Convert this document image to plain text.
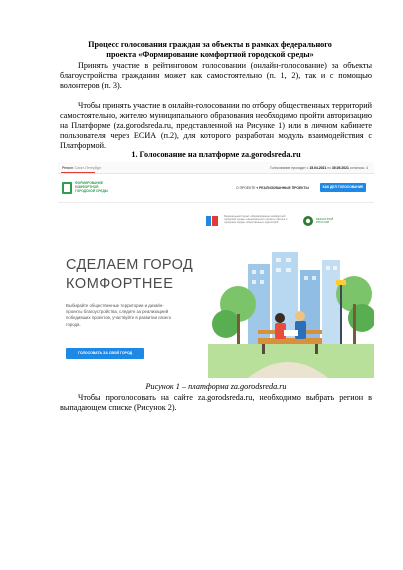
Процесс голосования граждан за объекты в рамках федерального
проекта «Формирование комфортной городской среды»
Принять участие в рейтинговом голосовании (онлайн-голосование) за объекты благоустройства гражданин может как самостоятельно (п. 1, 2), так и с помощью волонтеров (п. 3).
Чтобы принять участие в онлайн-голосовании по отбору общественных территорий самостоятельно, жителю муниципального образования необходимо пройти авторизацию на Платформе (za.gorodsreda.ru, представленной на Рисунке 1) или в личном кабинете пользователя через ЕСИА (п.2), для которого разработан модуль взаимодействия с Платформой.
1. Голосование на платформе za.gorodsreda.ru
Регион: Санкт-Петербург	Голосование проходит с 15.04.2021 по 30.05.2021 осталось: 4
ФОРМИРОВАНИЕ
КОМФОРТНОЙ
ГОРОДСКОЙ СРЕДЫ
О ПРОЕКТЕ ▾ РЕАЛИЗОВАННЫЕ ПРОЕКТЫ	КАК ДЕЛ ГОЛОСОВАНИЕ
Федеральный проект «Формирование комфортной городской среды» национального проекта «Жильё и городская среда» общественных территорий
МИНСТРОЙ
РОССИИ
СДЕЛАЕМ ГОРОД
КОМФОРТНЕЕ
Выбирайте общественные территории и дизайн-проекты благоустройства, следите за реализацией победивших проектов, участвуйте в развитии своего города.
ГОЛОСОВАТЬ ЗА СВОЙ ГОРОД
Рисунок 1 – платформа za.gorodsreda.ru
Чтобы проголосовать на сайте za.gorodsreda.ru, необходимо выбрать регион в выпадающем списке (Рисунок 2).
